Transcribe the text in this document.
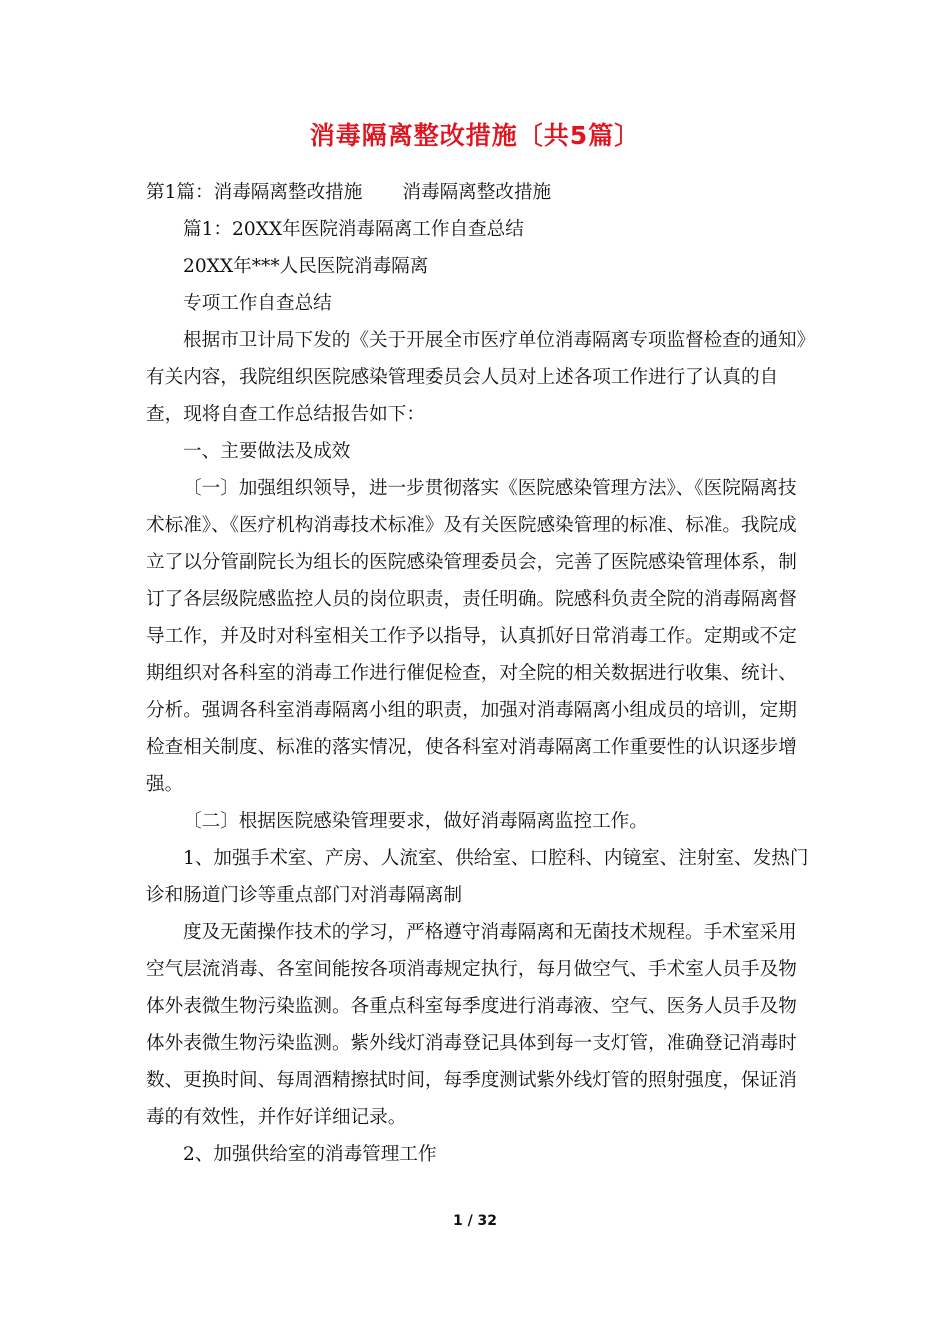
消毒隔离整改措施〔共5篇〕
第1篇：消毒隔离整改措施 消毒隔离整改措施
篇1：20XX年医院消毒隔离工作自查总结
20XX年***人民医院消毒隔离
专项工作自查总结

根据市卫计局下发的《关于开展全市医疗单位消毒隔离专项监督检查的通知》有关内容，我院组织医院感染管理委员会人员对上述各项工作进行了认真的自查，现将自查工作总结报告如下：

一、主要做法及成效

〔一〕加强组织领导，进一步贯彻落实《医院感染管理方法》、《医院隔离技术标准》、《医疗机构消毒技术标准》及有关医院感染管理的标准、标准。我院成立了以分管副院长为组长的医院感染管理委员会，完善了医院感染管理体系，制订了各层级院感监控人员的岗位职责，责任明确。院感科负责全院的消毒隔离督导工作，并及时对科室相关工作予以指导，认真抓好日常消毒工作。定期或不定期组织对各科室的消毒工作进行催促检查，对全院的相关数据进行收集、统计、分析。强调各科室消毒隔离小组的职责，加强对消毒隔离小组成员的培训，定期检查相关制度、标准的落实情况，使各科室对消毒隔离工作重要性的认识逐步增强。

〔二〕根据医院感染管理要求，做好消毒隔离监控工作。

1、加强手术室、产房、人流室、供给室、口腔科、内镜室、注射室、发热门诊和肠道门诊等重点部门对消毒隔离制

度及无菌操作技术的学习，严格遵守消毒隔离和无菌技术规程。手术室采用空气层流消毒、各室间能按各项消毒规定执行，每月做空气、手术室人员手及物体外表微生物污染监测。各重点科室每季度进行消毒液、空气、医务人员手及物体外表微生物污染监测。紫外线灯消毒登记具体到每一支灯管，准确登记消毒时数、更换时间、每周酒精擦拭时间，每季度测试紫外线灯管的照射强度，保证消毒的有效性，并作好详细记录。

2、加强供给室的消毒管理工作

1 / 32
